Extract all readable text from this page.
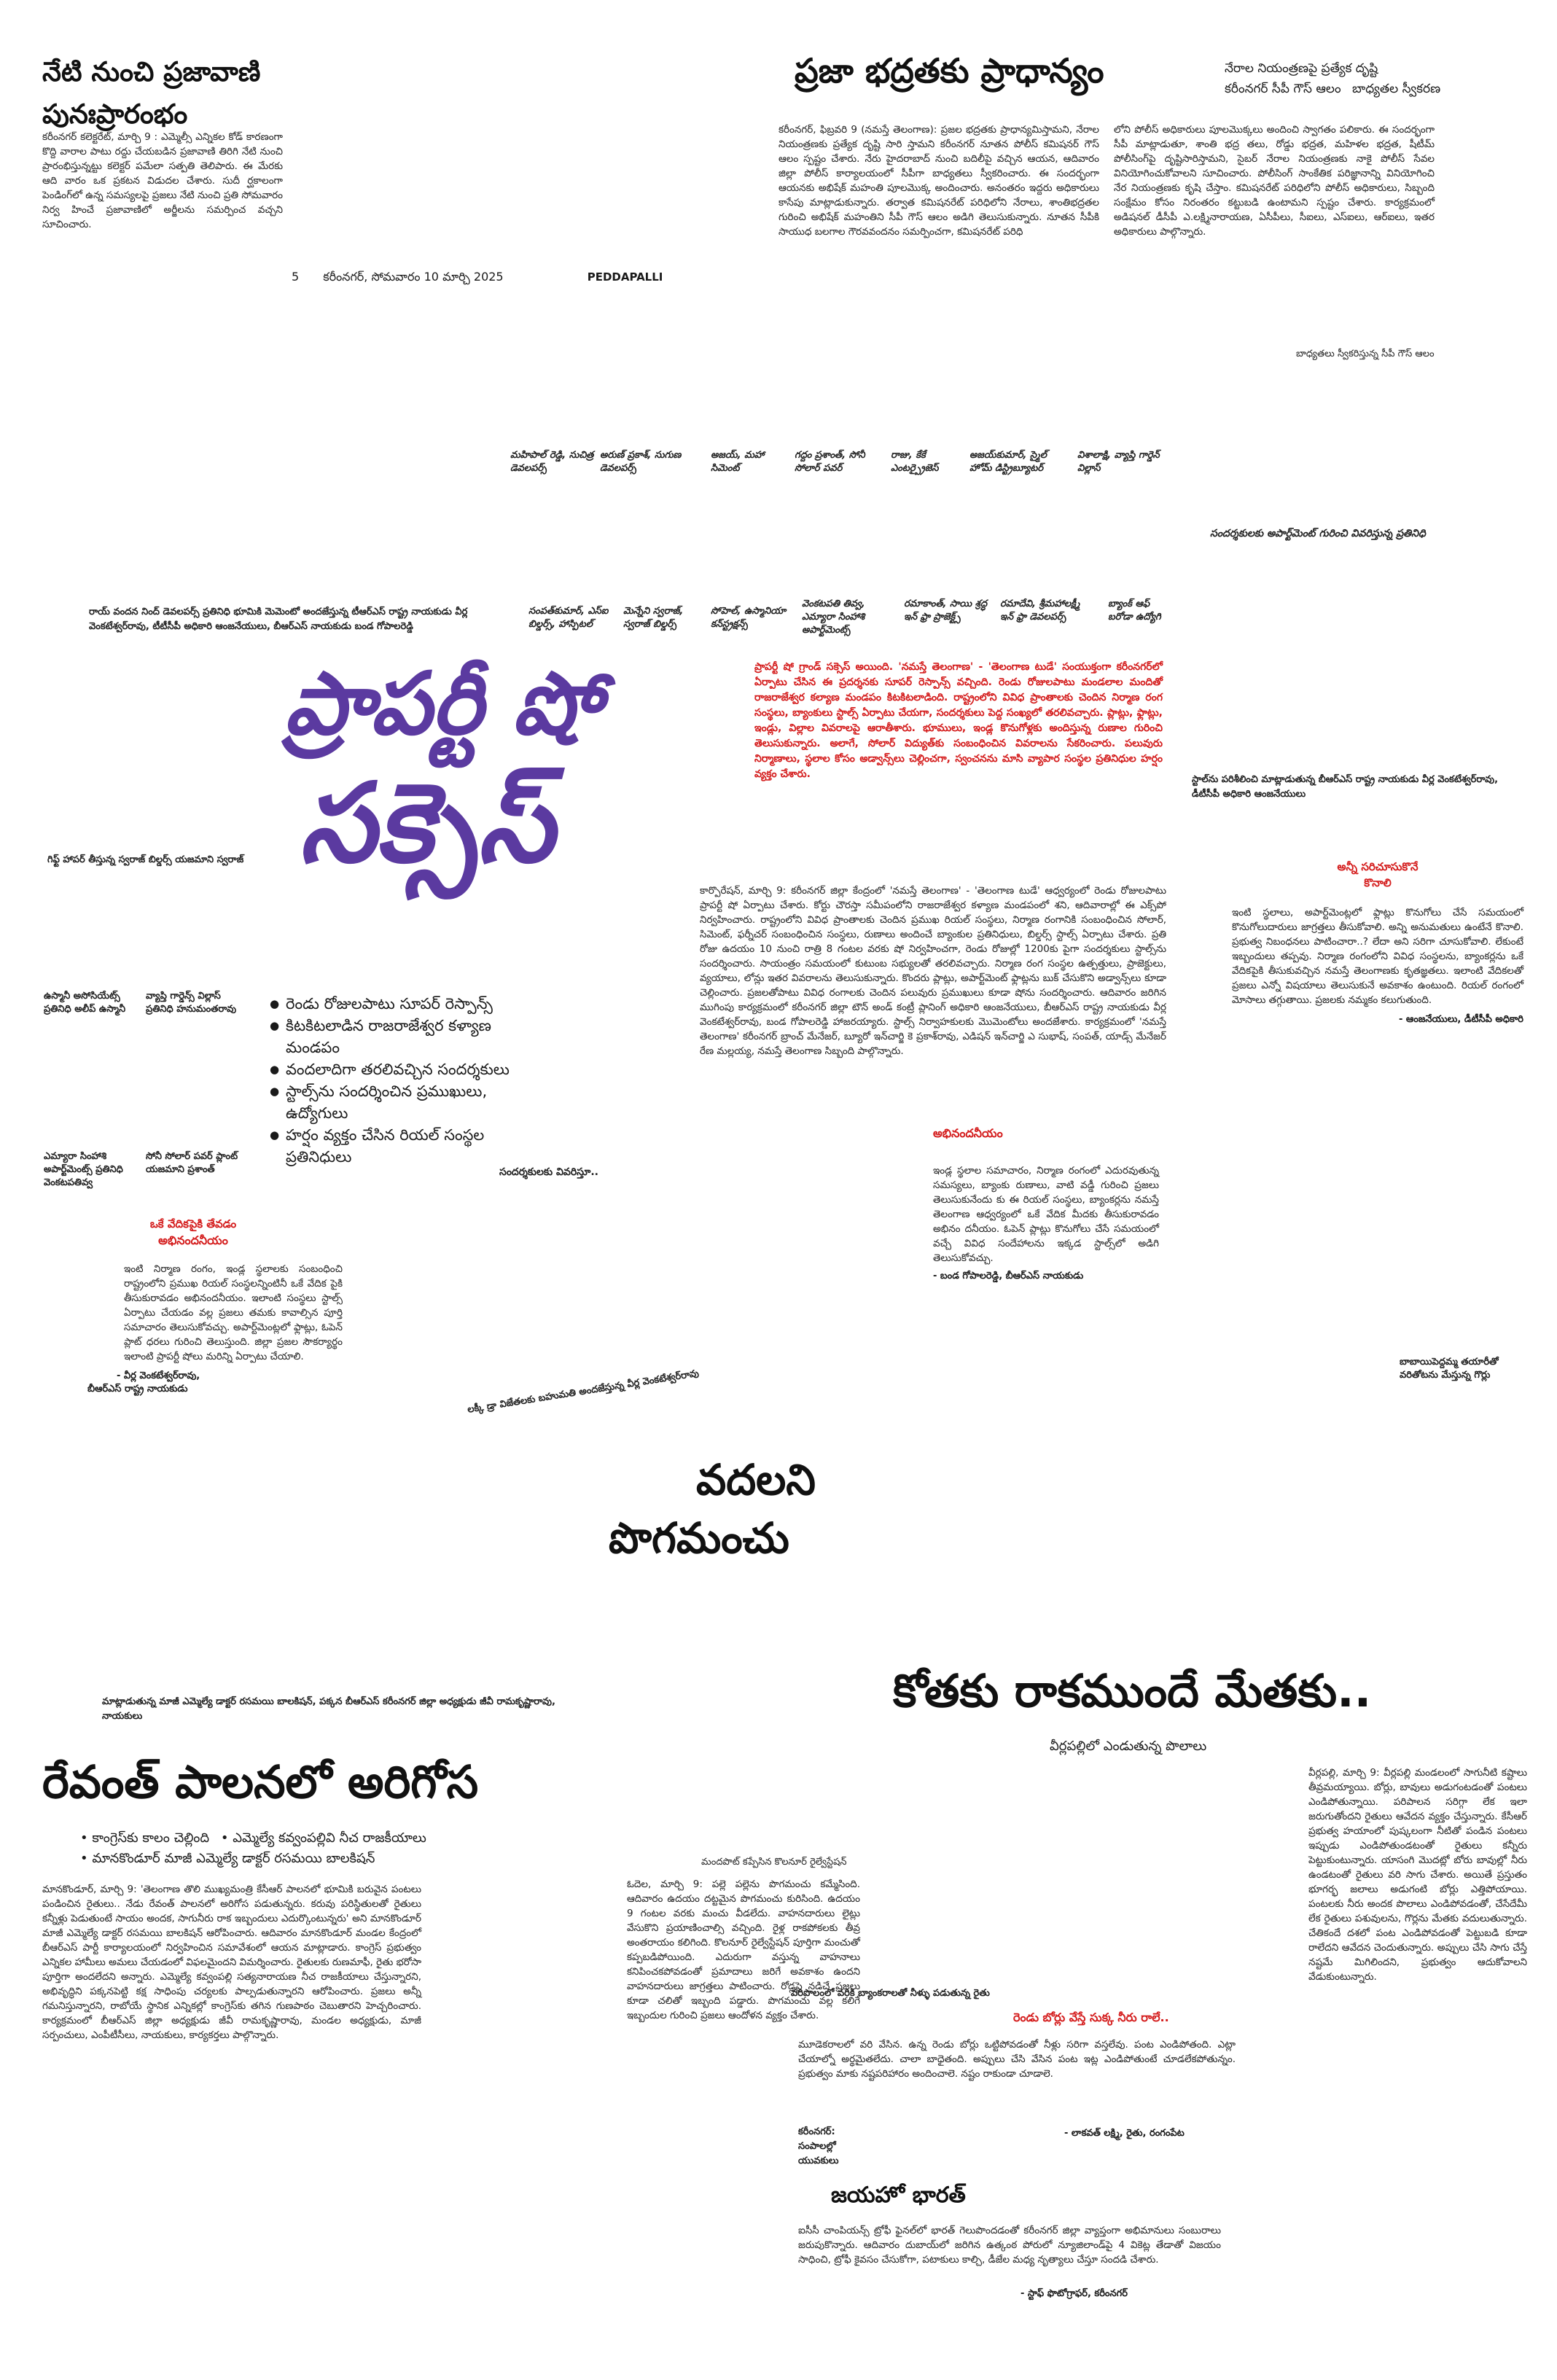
నేటి నుంచి ప్రజావాణి
పునఃప్రారంభం
కరీంనగర్ కలెక్టరేట్, మార్చి 9 : ఎమ్మెల్సీ ఎన్నికల కోడ్ కారణంగా కొద్ది వారాల పాటు రద్దు చేయబడిన ప్రజావాణి తిరిగి నేటి నుంచి ప్రారంభిస్తున్నట్టు కలెక్టర్ పమేలా సత్పతి తెలిపారు. ఈ మేరకు ఆది వారం ఒక ప్రకటన విడుదల చేశారు. సుదీ ర్ఘకాలంగా పెండింగ్‌లో ఉన్న సమస్యలపై ప్రజలు నేటి నుంచి ప్రతి సోమవారం నిర్వ హించే ప్రజావాణిలో అర్జీలను సమర్పించ వచ్చని సూచించారు.
5 కరీంనగర్, సోమవారం 10 మార్చి 2025	PEDDAPALLI
ప్రజా భద్రతకు ప్రాధాన్యం	నేరాల నియంత్రణపై ప్రత్యేక దృష్టి
కరీంనగర్ సీపీ గౌస్ ఆలం బాధ్యతల స్వీకరణ
కరీంనగర్, ఫిబ్రవరి 9 (నమస్తే తెలంగాణ): ప్రజల భద్రతకు ప్రాధాన్యమిస్తామని, నేరాల నియంత్రణకు ప్రత్యేక దృష్టి సారి స్తామని కరీంనగర్ నూతన పోలీస్ కమిషనర్ గౌస్ ఆలం స్పష్టం చేశారు. నేరు హైదరాబాద్ నుంచి బదిలీపై వచ్చిన ఆయన, ఆదివారం జిల్లా పోలీస్ కార్యాలయంలో సీపీగా బాధ్యతలు స్వీకరించారు. ఈ సందర్భంగా ఆయనకు అభిషేక్ మహంతి పూలమొక్క అందించారు. అనంతరం ఇద్దరు అధికారులు కాసేపు మాట్లాడుకున్నారు. తర్వాత కమిషనరేట్ పరిధిలోని నేరాలు, శాంతిభద్రతల గురించి అభిషేక్ మహంతిని సీపీ గౌస్ ఆలం అడిగి తెలుసుకున్నారు. నూతన సీపీకి సాయుధ బలగాల గౌరవవందనం సమర్పించగా, కమిషనరేట్ పరిధి
లోని పోలీస్ అధికారులు పూలమొక్కలు అందించి స్వాగతం పలికారు. ఈ సందర్భంగా సీపీ మాట్లాడుతూ, శాంతి భద్ర తలు, రోడ్డు భద్రత, మహిళల భద్రత, షీటీమ్ పోలీసింగ్‌పై దృష్టిసారిస్తామని, సైబర్ నేరాల నియంత్రణకు నాకై పోలీస్ సేవల వినియోగించుకోవాలని సూచించారు. పోలీసింగ్ సాంకేతిక పరిజ్ఞానాన్ని వినియోగించి నేర నియంత్రణకు కృషి చేస్తాం. కమిషనరేట్ పరిధిలోని పోలీస్ అధికారులు, సిబ్బంది సంక్షేమం కోసం నిరంతరం కట్టుబడి ఉంటామని స్పష్టం చేశారు. కార్యక్రమంలో అడిషనల్ డీసీపీ ఎ.లక్ష్మినారాయణ, ఏసీపీలు, సీఐలు, ఎస్ఐలు, ఆర్ఐలు, ఇతర అధికారులు పాల్గొన్నారు.
బాధ్యతలు స్వీకరిస్తున్న సీపీ గౌస్ ఆలం
మహిపాల్ రెడ్డి, సుచిత్ర డెవలపర్స్
అరుణ్ ప్రకాశ్, సుగుణ డెవలపర్స్
అజయ్, మహా సిమెంట్
గద్దం ప్రశాంత్, సోనీ సోలార్ పవర్
రాజు, కేకే ఎంటర్ప్రైజెస్
అజయ్‌కుమార్, స్మైల్ హోమ్ డిస్ట్రిబ్యూటర్
విశాలాక్షి, వ్యాప్తి గార్డెన్ విల్లాస్
సందర్శకులకు అపార్ట్‌మెంట్ గురించి వివరిస్తున్న ప్రతినిధి
రాయ్ వందన నింద్ డెవలపర్స్ ప్రతినిధి భూమికి మెమెంటో అందజేస్తున్న టీఆర్ఎస్ రాష్ట్ర నాయకుడు వీర్ల వెంకటేశ్వర్‌రావు, టీటీసీపీ అధికారి ఆంజనేయులు, బీఆర్ఎస్ నాయకుడు బండ గోపాలరెడ్డి
సంపత్‌కుమార్, ఎస్‌ఐ బిల్డర్స్, హాస్పిటల్
మెన్నేని స్వరాజ్, స్వరాజ్ బిల్డర్స్
సోహెల్, ఉస్మానియా కన్‌స్ట్రక్షన్స్
వెంకటపతి తివ్వ, ఎమ్యారా సింహాశి అపార్ట్‌మెంట్స్
రమాకాంత్, సాయి శ్రద్ధ ఇన్ ఫ్రా ప్రాజెక్ట్స్
రమాదేవి, శ్రీమహాలక్ష్మీ ఇన్ ఫ్రా డెవలపర్స్
బ్యాంక్ ఆఫ్ బరోడా ఉద్యోగి
ప్రాపర్టీ షో
సక్సెస్
ప్రాపర్టీ షో గ్రాండ్ సక్సెస్ అయింది. 'నమస్తే తెలంగాణ' - 'తెలంగాణ టుడే' సంయుక్తంగా కరీంనగర్‌లో ఏర్పాటు చేసిన ఈ ప్రదర్శనకు సూపర్ రెస్పాన్స్ వచ్చింది. రెండు రోజులపాటు మండలాల మందితో రాజరాజేశ్వర కల్యాణ మండపం కిటకిటలాడింది. రాష్ట్రంలోని వివిధ ప్రాంతాలకు చెందిన నిర్మాణ రంగ సంస్థలు, బ్యాంకులు స్టాల్స్ ఏర్పాటు చేయగా, సందర్శకులు పెద్ద సంఖ్యలో తరలివచ్చారు. ప్లాట్లు, ఫ్లాట్లు, ఇండ్లు, విల్లాల వివరాలపై ఆరాతీశారు. భూములు, ఇండ్ల కొనుగోళ్లకు అందిస్తున్న రుణాల గురించి తెలుసుకున్నారు. అలాగే, సోలార్ విద్యుత్‌కు సంబంధించిన వివరాలను సేకరించారు. పలువురు నిర్మాణాలు, స్థలాల కోసం అడ్వాన్స్‌లు చెల్లించగా, స్వంచనను మాసి వ్యాపార సంస్థల ప్రతినిధుల హర్షం వ్యక్తం చేశారు.
కార్పొరేషన్, మార్చి 9: కరీంనగర్ జిల్లా కేంద్రంలో 'నమస్తే తెలంగాణ' - 'తెలంగాణ టుడే' ఆధ్వర్యంలో రెండు రోజులపాటు ప్రాపర్టీ షో ఏర్పాటు చేశారు. కోర్టు చౌరస్తా సమీపంలోని రాజరాజేశ్వర కళ్యాణ మండపంలో శని, ఆదివారాల్లో ఈ ఎక్స్‌పో నిర్వహించారు. రాష్ట్రంలోని వివిధ ప్రాంతాలకు చెందిన ప్రముఖ రియల్ సంస్థలు, నిర్మాణ రంగానికి సంబంధించిన సోలార్, సిమెంట్, ఫర్నీచర్ సంబంధించిన సంస్థలు, రుణాలు అందించే బ్యాంకుల ప్రతినిధులు, బిల్డర్స్ స్టాల్స్ ఏర్పాటు చేశారు. ప్రతి రోజు ఉదయం 10 నుంచి రాత్రి 8 గంటల వరకు షో నిర్వహించగా, రెండు రోజుల్లో 1200కు పైగా సందర్శకులు స్టాల్స్‌ను సందర్శించారు. సాయంత్రం సమయంలో కుటుంబ సభ్యులతో తరలివచ్చారు. నిర్మాణ రంగ సంస్థల ఉత్పత్తులు, ప్రాజెక్టులు, వ్యయాలు, లోన్లు ఇతర వివరాలను తెలుసుకున్నారు. కొందరు ప్లాట్లు, అపార్ట్‌మెంట్ ఫ్లాట్లను బుక్ చేసుకొని అడ్వాన్స్‌లు కూడా చెల్లించారు. ప్రజలతోపాటు వివిధ రంగాలకు చెందిన పలువురు ప్రముఖులు కూడా షోను సందర్శించారు. ఆదివారం జరిగిన ముగింపు కార్యక్రమంలో కరీంనగర్ జిల్లా టౌన్ అండ్ కంట్రీ ప్లానింగ్ అధికారి ఆంజనేయులు, బీఆర్ఎస్ రాష్ట్ర నాయకుడు వీర్ల వెంకటేశ్వర్‌రావు, బండ గోపాలరెడ్డి హాజరయ్యారు. స్టాల్స్ నిర్వాహకులకు మొమెంటోలు అందజేశారు. కార్యక్రమంలో 'నమస్తే తెలంగాణ' కరీంనగర్ బ్రాంచ్ మేనేజర్, బ్యూరో ఇన్‌చార్జి కె ప్రకాశ్‌రావు, ఎడిషన్ ఇన్‌చార్జి ఎ సుభాష్, సంపత్, యాడ్స్ మేనేజర్ రేణ మల్లయ్య, నమస్తే తెలంగాణ సిబ్బంది పాల్గొన్నారు.
గిఫ్ట్ హాపర్ తీస్తున్న స్వరాజ్ బిల్డర్స్ యజమాని స్వరాజ్
ఉస్మానీ అసోసియేట్స్ ప్రతినిధి అలీప్ ఉస్మానీ
వ్యాప్తి గార్డెన్స్ విల్లాస్ ప్రతినిధి హనుమంతరావు
ఎమ్యారా సింహాశి అపార్ట్‌మెంట్స్ ప్రతినిధి వెంకటపతివ్వ
సోనీ సోలార్ పవర్ ప్లాంట్ యజమాని ప్రశాంత్
● రెండు రోజులపాటు సూపర్ రెస్పాన్స్
● కిటకిటలాడిన రాజరాజేశ్వర కళ్యాణ మండపం
● వందలాదిగా తరలివచ్చిన సందర్శకులు
● స్టాల్స్‌ను సందర్శించిన ప్రముఖులు, ఉద్యోగులు
● హర్షం వ్యక్తం చేసిన రియల్ సంస్థల ప్రతినిధులు
సందర్శకులకు వివరిస్తూ..
ఒకే వేదికపైకి తేవడం
అభినందనీయం
ఇంటి నిర్మాణ రంగం, ఇండ్ల స్థలాలకు సంబంధించి రాష్ట్రంలోని ప్రముఖ రియల్ సంస్థలన్నింటినీ ఒకే వేదిక పైకి తీసుకురావడం అభినందనీయం. ఇలాంటి సంస్థలు స్టాల్స్ ఏర్పాటు చేయడం వల్ల ప్రజలు తమకు కావాల్సిన పూర్తి సమాచారం తెలుసుకోవచ్చు. అపార్ట్‌మెంట్లలో ఫ్లాట్లు, ఓపెన్ ప్లాట్ ధరలు గురించి తెలుస్తుంది. జిల్లా ప్రజల సౌకర్యార్థం ఇలాంటి ప్రాపర్టీ షోలు మరిన్ని ఏర్పాటు చేయాలి.
- వీర్ల వెంకటేశ్వర్‌రావు,
బీఆర్ఎస్ రాష్ట్ర నాయకుడు
అభినందనీయం
ఇండ్ల స్థలాల సమాచారం, నిర్మాణ రంగంలో ఎదురవుతున్న సమస్యలు, బ్యాంకు రుణాలు, వాటి వడ్డీ గురించి ప్రజలు తెలుసుకునేందు కు ఈ రియల్ సంస్థలు, బ్యాంకర్లను నమస్తే తెలంగాణ ఆధ్వర్యంలో ఒకే వేదిక మీదకు తీసుకురావడం అభినం దనీయం. ఓపెన్ ప్లాట్లు కొనుగోలు చేసే సమయంలో వచ్చే వివిధ సందేహాలను ఇక్కడ స్టాల్స్‌లో అడిగి తెలుసుకోవచ్చు.
- బండ గోపాలరెడ్డి, బీఆర్ఎస్ నాయకుడు
స్టాల్‌ను పరిశీలించి మాట్లాడుతున్న బీఆర్ఎస్ రాష్ట్ర నాయకుడు వీర్ల వెంకటేశ్వర్‌రావు, డీటీసీపీ అధికారి ఆంజనేయులు
అన్నీ సరిచూసుకొనే
కొనాలి
ఇంటి స్థలాలు, అపార్ట్‌మెంట్లలో ఫ్లాట్లు కొనుగోలు చేసే సమయంలో కొనుగోలుదారులు జాగ్రత్తలు తీసుకోవాలి. అన్ని అనుమతులు ఉంటేనే కొనాలి. ప్రభుత్వ నిబంధనలు పాటించారా..? లేదా అని సరిగా చూసుకోవాలి. లేకుంటే ఇబ్బందులు తప్పవు. నిర్మాణ రంగంలోని వివిధ సంస్థలను, బ్యాంకర్లను ఒకే వేదికపైకి తీసుకువచ్చిన నమస్తే తెలంగాణకు కృతజ్ఞతలు. ఇలాంటి వేదికలతో ప్రజలు ఎన్నో విషయాలు తెలుసుకునే అవకాశం ఉంటుంది. రియల్ రంగంలో మోసాలు తగ్గుతాయి. ప్రజలకు నమ్మకం కలుగుతుంది.
- ఆంజనేయులు, డీటీసీపీ అధికారి
బాబాయిపెద్దమ్మ తయారీతో వరితోటను మేస్తున్న గొర్లు
లక్కీ డ్రా విజేతలకు బహుమతి అందజేస్తున్న వీర్ల వెంకటేశ్వర్‌రావు
వదలని
పొగమంచు
కోతకు రాకముందే మేతకు..
వీర్లపల్లిలో ఎండుతున్న పొలాలు
వీర్లపల్లి, మార్చి 9: వీర్లపల్లి మండలంలో సాగునీటి కష్టాలు తీవ్రమయ్యాయి. బోర్లు, బావులు అడుగంటడంతో పంటలు ఎండిపోతున్నాయి. పరిపాలన సరిగ్గా లేక ఇలా జరుగుతోందని రైతులు ఆవేదన వ్యక్తం చేస్తున్నారు. కేసీఆర్ ప్రభుత్వ హయాంలో పుష్కలంగా నీటితో పండిన పంటలు ఇప్పుడు ఎండిపోతుండటంతో రైతులు కన్నీరు పెట్టుకుంటున్నారు. యాసంగి మొదట్లో బోరు బావుల్లో నీరు ఉండటంతో రైతులు వరి సాగు చేశారు. అయితే ప్రస్తుతం భూగర్భ జలాలు అడుగంటి బోర్లు ఎత్తిపోయాయి. పంటలకు నీరు అందక పొలాలు ఎండిపోవడంతో, చేసేదేమీ లేక రైతులు పశువులను, గొర్లను మేతకు వదులుతున్నారు. చేతికందే దశలో పంట ఎండిపోవడంతో పెట్టుబడి కూడా రాలేదని ఆవేదన చెందుతున్నారు. అప్పులు చేసి సాగు చేస్తే నష్టమే మిగిలిందని, ప్రభుత్వం ఆదుకోవాలని వేడుకుంటున్నారు.
మందపొట్ కప్పేసిన కొలనూర్ రైల్వేస్టేషన్
ఓదెల, మార్చి 9: పల్లె పల్లెను పొగమంచు కమ్మేసింది. ఆదివారం ఉదయం దట్టమైన పొగమంచు కురిసింది. ఉదయం 9 గంటల వరకు మంచు వీడలేదు. వాహనదారులు లైట్లు వేసుకొని ప్రయాణించాల్సి వచ్చింది. రైళ్ల రాకపోకలకు తీవ్ర అంతరాయం కలిగింది. కొలనూర్ రైల్వేస్టేషన్ పూర్తిగా మంచుతో కప్పబడిపోయింది. ఎదురుగా వస్తున్న వాహనాలు కనిపించకపోవడంతో ప్రమాదాలు జరిగే అవకాశం ఉందని వాహనదారులు జాగ్రత్తలు పాటించారు. రోడ్లపై నడిచే ప్రజలు కూడా చలితో ఇబ్బంది పడ్డారు. పొగమంచు వల్ల కలిగే ఇబ్బందుల గురించి ప్రజలు ఆందోళన వ్యక్తం చేశారు.
వరిపొలంలో వరికి బ్యాంకరాలతో నీళ్ళు పడుతున్న రైతు
రెండు బోర్లు వేస్తే సుక్క నీరు రాలే..
మూడెకరాలలో వరి వేసిన. ఉన్న రెండు బోర్లు ఒట్టిపోవడంతో నీళ్లు సరిగా వస్తలేవు. పంట ఎండిపోతంది. ఎట్లా చేయాల్నో అర్థమైతలేదు. చాలా బాధైతంది. అప్పులు చేసి వేసిన పంట ఇట్ల ఎండిపోతుంటే చూడలేకపోతున్నం. ప్రభుత్వం మాకు నష్టపరిహారం అందించాలె. నష్టం రాకుండా చూడాలె.
- లాకవత్ లక్ష్మి, రైతు, రంగంపేట
కరీంనగర్: సంపాలల్లో యువకులు
మాట్లాడుతున్న మాజీ ఎమ్మెల్యే డాక్టర్ రసమయి బాలకిషన్, పక్కన బీఆర్ఎస్ కరీంనగర్ జిల్లా అధ్యక్షుడు జీవీ రామకృష్ణారావు, నాయకులు
రేవంత్ పాలనలో అరిగోస
• కాంగ్రెస్‌కు కాలం చెల్లింది • ఎమ్మెల్యే కవ్వంపల్లివి నీచ రాజకీయాలు
• మానకొండూర్ మాజీ ఎమ్మెల్యే డాక్టర్ రసమయి బాలకిషన్
మానకొండూర్, మార్చి 9: 'తెలంగాణ తొలి ముఖ్యమంత్రి కేసీఆర్ పాలనలో భూమికి బరువైన పంటలు పండించిన రైతులు.. నేడు రేవంత్ పాలనలో అరిగోస పడుతున్నరు. కరువు పరిస్థితులతో రైతులు కన్నీళ్లు పెడుతుంటే సాయం అందక, సాగునీరు రాక ఇబ్బందులు ఎదుర్కొంటున్నరు' అని మానకొండూర్ మాజీ ఎమ్మెల్యే డాక్టర్ రసమయి బాలకిషన్ ఆరోపించారు. ఆదివారం మానకొండూర్ మండల కేంద్రంలో బీఆర్ఎస్ పార్టీ కార్యాలయంలో నిర్వహించిన సమావేశంలో ఆయన మాట్లాడారు. కాంగ్రెస్ ప్రభుత్వం ఎన్నికల హామీలు అమలు చేయడంలో విఫలమైందని విమర్శించారు. రైతులకు రుణమాఫీ, రైతు భరోసా పూర్తిగా అందలేదని అన్నారు. ఎమ్మెల్యే కవ్వంపల్లి సత్యనారాయణ నీచ రాజకీయాలు చేస్తున్నారని, అభివృద్ధిని పక్కనపెట్టి కక్ష సాధింపు చర్యలకు పాల్పడుతున్నారని ఆరోపించారు. ప్రజలు అన్నీ గమనిస్తున్నారని, రాబోయే స్థానిక ఎన్నికల్లో కాంగ్రెస్‌కు తగిన గుణపాఠం చెబుతారని హెచ్చరించారు. కార్యక్రమంలో బీఆర్ఎస్ జిల్లా అధ్యక్షుడు జీవీ రామకృష్ణారావు, మండల అధ్యక్షుడు, మాజీ సర్పంచులు, ఎంపీటీసీలు, నాయకులు, కార్యకర్తలు పాల్గొన్నారు.
జయహో భారత్
ఐసీసీ చాంపియన్స్ ట్రోఫీ ఫైనల్‌లో భారత్ గెలుపొందడంతో కరీంనగర్ జిల్లా వ్యాప్తంగా అభిమానులు సంబురాలు జరుపుకొన్నారు. ఆదివారం దుబాయ్‌లో జరిగిన ఉత్కంఠ పోరులో న్యూజిలాండ్‌పై 4 వికెట్ల తేడాతో విజయం సాధించి, ట్రోఫీ కైవసం చేసుకోగా, పటాకులు కాల్చి, డీజేల మధ్య నృత్యాలు చేస్తూ సందడి చేశారు.
- స్టాఫ్ ఫొటోగ్రాఫర్, కరీంనగర్
